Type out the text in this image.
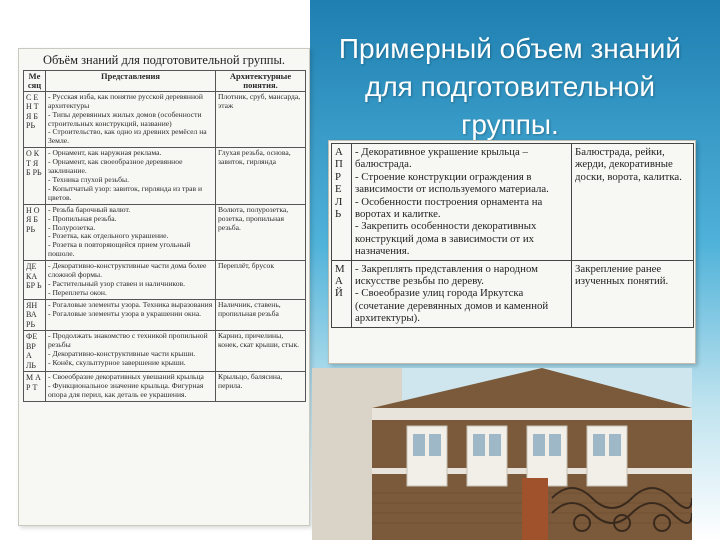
Примерный объем знаний
для подготовительной
группы.
Объём знаний для подготовительной группы.
Ме сяц	Представления	Архитектурные понятия.
С Е Н Т Я Б РЬ	- Русская изба, как понятие русской деревянной архитектуры
- Типы деревянных жилых домов (особенности строительных конструкций, название)
- Строительство, как одно из древних ремёсел на Земле.	Плотник, сруб, мансарда, этаж
О К Т Я Б РЬ	- Орнамент, как наружная реклама.
- Орнамент, как своеобразное деревянное заклинание.
- Техника глухой резьбы.
- Копытчатый узор: завиток, гирлянда из трав и цветов.	Глухая резьба, основа, завиток, гирлянда
Н О Я Б РЬ	- Резьба барочный валют.
- Пропильная резьба.
- Полурозетка.
- Розетка, как отдельного украшение.
- Розетка в повторяющейся прием угольный пошоле.	Волюта, полурозетка, розетка, пропильная резьба.
ДЕ КА БР Ь	- Декоративно-конструктивные части дома более сложной формы.
- Растительный узор ставен и наличников.
- Переплеты окон.	Переплёт, брусок
ЯН ВА РЬ	- Рогаловые элементы узора. Техника выразования
- Рогаловые элементы узора в украшении окна.	Наличник, ставень, пропильная резьба
ФЕ ВР А ЛЬ	- Продолжать знакомство с техникой пропильной резьбы
- Декоративно-конструктивные части крыши.
- Конёк, скульптурное завершение крыши.	Карниз, причелины, конек, скат крыши, стык.
М А Р Т	- Своеобразие декоративных увешаний крыльца
- Функциональное значение крыльца. Фигурная опора для перил, как деталь ее украшения.	Крыльцо, балясина, перила.
А П Р Е Л Ь	- Декоративное украшение крыльца – балюстрада.
- Строение конструкции ограждения в зависимости от используемого материала.
- Особенности построения орнамента на воротах и калитке.
- Закрепить особенности декоративных конструкций дома в зависимости от их назначения.	Балюстрада, рейки, жерди, декоративные доски, ворота, калитка.
М А Й	- Закреплять представления о народном искусстве резьбы по дереву.
- Своеобразие улиц города Иркутска (сочетание деревянных домов и каменной архитектуры).	Закрепление ранее изученных понятий.
